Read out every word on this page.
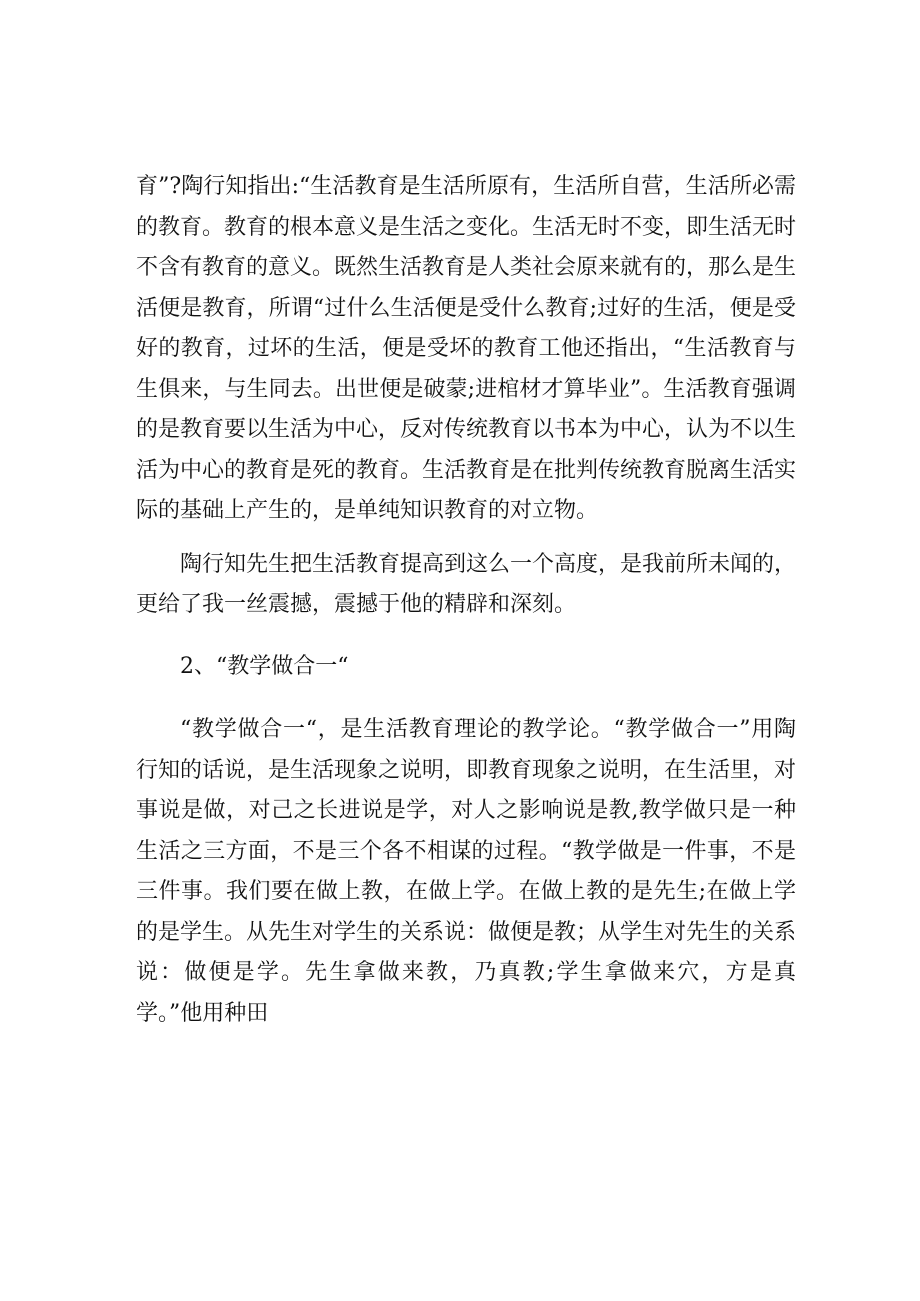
育”?陶行知指出:“生活教育是生活所原有，生活所自营，生活所必需的教育。教育的根本意义是生活之变化。生活无时不变，即生活无时不含有教育的意义。既然生活教育是人类社会原来就有的，那么是生活便是教育，所谓“过什么生活便是受什么教育;过好的生活，便是受好的教育，过坏的生活，便是受坏的教育工他还指出，“生活教育与生俱来，与生同去。出世便是破蒙;进棺材才算毕业”。生活教育强调的是教育要以生活为中心，反对传统教育以书本为中心，认为不以生活为中心的教育是死的教育。生活教育是在批判传统教育脱离生活实际的基础上产生的，是单纯知识教育的对立物。

陶行知先生把生活教育提高到这么一个高度，是我前所未闻的，更给了我一丝震撼，震撼于他的精辟和深刻。

2、“教学做合一“

“教学做合一“，是生活教育理论的教学论。“教学做合一”用陶行知的话说，是生活现象之说明，即教育现象之说明，在生活里，对事说是做，对己之长进说是学，对人之影响说是教,教学做只是一种生活之三方面，不是三个各不相谋的过程。“教学做是一件事，不是三件事。我们要在做上教，在做上学。在做上教的是先生;在做上学的是学生。从先生对学生的关系说：做便是教；从学生对先生的关系说：做便是学。先生拿做来教，乃真教;学生拿做来穴，方是真学。”他用种田
